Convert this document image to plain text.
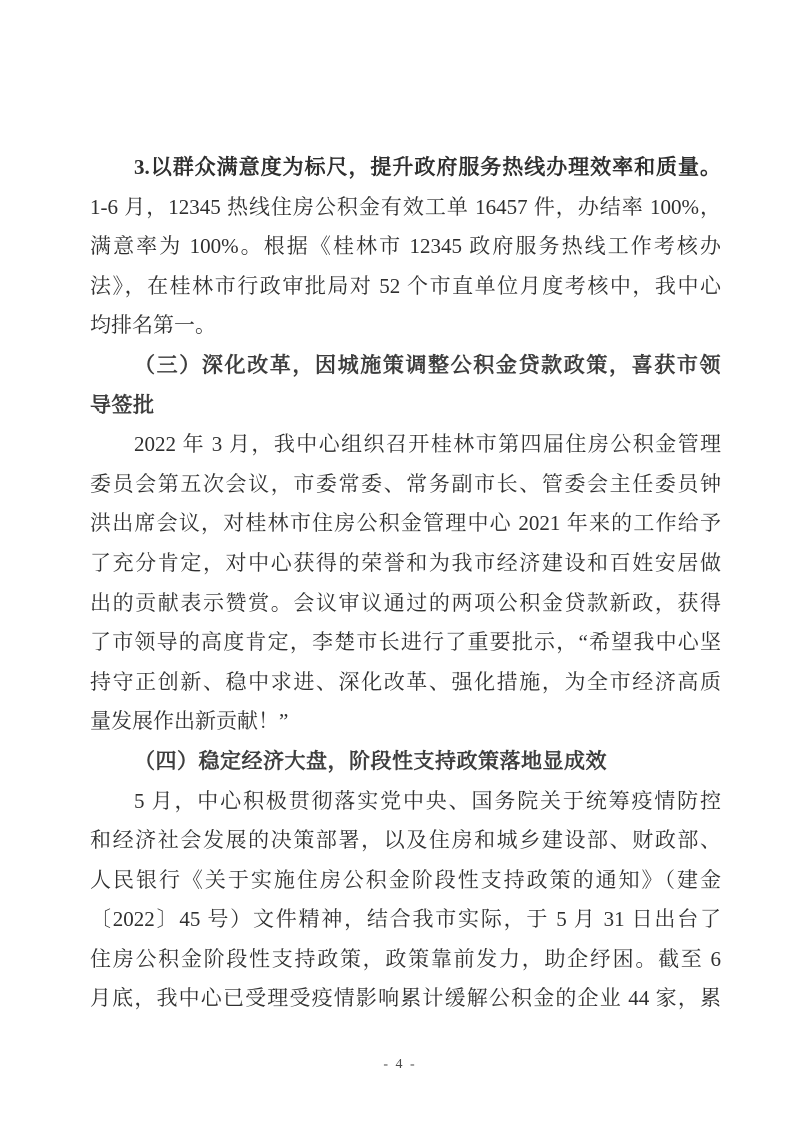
3.以群众满意度为标尺，提升政府服务热线办理效率和质量。
1-6 月，12345 热线住房公积金有效工单 16457 件，办结率 100%，
满意率为 100%。根据《桂林市 12345 政府服务热线工作考核办
法》，在桂林市行政审批局对 52 个市直单位月度考核中，我中心
均排名第一。
（三）深化改革，因城施策调整公积金贷款政策，喜获市领
导签批
2022 年 3 月，我中心组织召开桂林市第四届住房公积金管理
委员会第五次会议，市委常委、常务副市长、管委会主任委员钟
洪出席会议，对桂林市住房公积金管理中心 2021 年来的工作给予
了充分肯定，对中心获得的荣誉和为我市经济建设和百姓安居做
出的贡献表示赞赏。会议审议通过的两项公积金贷款新政，获得
了市领导的高度肯定，李楚市长进行了重要批示，“希望我中心坚
持守正创新、稳中求进、深化改革、强化措施，为全市经济高质
量发展作出新贡献！”
（四）稳定经济大盘，阶段性支持政策落地显成效
5 月，中心积极贯彻落实党中央、国务院关于统筹疫情防控
和经济社会发展的决策部署，以及住房和城乡建设部、财政部、
人民银行《关于实施住房公积金阶段性支持政策的通知》（建金
〔2022〕45 号）文件精神，结合我市实际，于 5 月 31 日出台了
住房公积金阶段性支持政策，政策靠前发力，助企纾困。截至 6
月底，我中心已受理受疫情影响累计缓解公积金的企业 44 家，累
- 4 -
